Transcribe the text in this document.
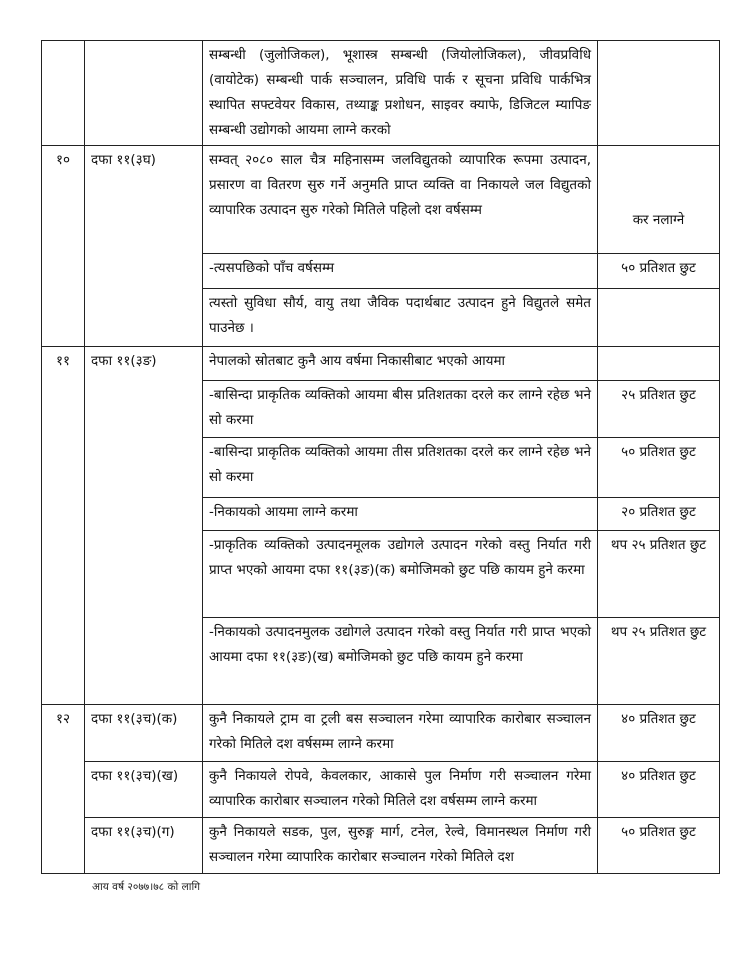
		सम्बन्धी (जुलोजिकल), भूशास्त्र सम्बन्धी (जियोलोजिकल), जीवप्रविधि (वायोटेक) सम्बन्धी पार्क सञ्चालन, प्रविधि पार्क र सूचना प्रविधि पार्कभित्र स्थापित सफ्टवेयर विकास, तथ्याङ्क प्रशोधन, साइवर क्याफे, डिजिटल म्यापिङ सम्बन्धी उद्योगको आयमा लाग्ने करको	
१०	दफा ११(३घ)	सम्वत् २०८० साल चैत्र महिनासम्म जलविद्युतको व्यापारिक रूपमा उत्पादन, प्रसारण वा वितरण सुरु गर्ने अनुमति प्राप्त व्यक्ति वा निकायले जल विद्युतको व्यापारिक उत्पादन सुरु गरेको मितिले पहिलो दश वर्षसम्म	कर नलाग्ने
		-त्यसपछिको पाँच वर्षसम्म	५० प्रतिशत छुट
		त्यस्तो सुविधा सौर्य, वायु तथा जैविक पदार्थबाट उत्पादन हुने विद्युतले समेत पाउनेछ ।	
११	दफा ११(३ङ)	नेपालको स्रोतबाट कुनै आय वर्षमा निकासीबाट भएको आयमा	
		-बासिन्दा प्राकृतिक व्यक्तिको आयमा बीस प्रतिशतका दरले कर लाग्ने रहेछ भने सो करमा	२५ प्रतिशत छुट
		-बासिन्दा प्राकृतिक व्यक्तिको आयमा तीस प्रतिशतका दरले कर लाग्ने रहेछ भने सो करमा	५० प्रतिशत छुट
		-निकायको आयमा लाग्ने करमा	२० प्रतिशत छुट
		-प्राकृतिक व्यक्तिको उत्पादनमूलक उद्योगले उत्पादन गरेको वस्तु निर्यात गरी प्राप्त भएको आयमा दफा ११(३ङ)(क) बमोजिमको छुट पछि कायम हुने करमा	थप २५ प्रतिशत छुट
		-निकायको उत्पादनमुलक उद्योगले उत्पादन गरेको वस्तु निर्यात गरी प्राप्त भएको आयमा दफा ११(३ङ)(ख) बमोजिमको छुट पछि कायम हुने करमा	थप २५ प्रतिशत छुट
१२	दफा ११(३च)(क)	कुनै निकायले ट्राम वा ट्रली बस सञ्चालन गरेमा व्यापारिक कारोबार सञ्चालन गरेको मितिले दश वर्षसम्म लाग्ने करमा	४० प्रतिशत छुट
	दफा ११(३च)(ख)	कुनै निकायले रोपवे, केवलकार, आकासे पुल निर्माण गरी सञ्चालन गरेमा व्यापारिक कारोबार सञ्चालन गरेको मितिले दश वर्षसम्म लाग्ने करमा	४० प्रतिशत छुट
	दफा ११(३च)(ग)	कुनै निकायले सडक, पुल, सुरुङ्ग मार्ग, टनेल, रेल्वे, विमानस्थल निर्माण गरी सञ्चालन गरेमा व्यापारिक कारोबार सञ्चालन गरेको मितिले दश	५० प्रतिशत छुट
आय वर्ष २०७७।७८ को लागि
